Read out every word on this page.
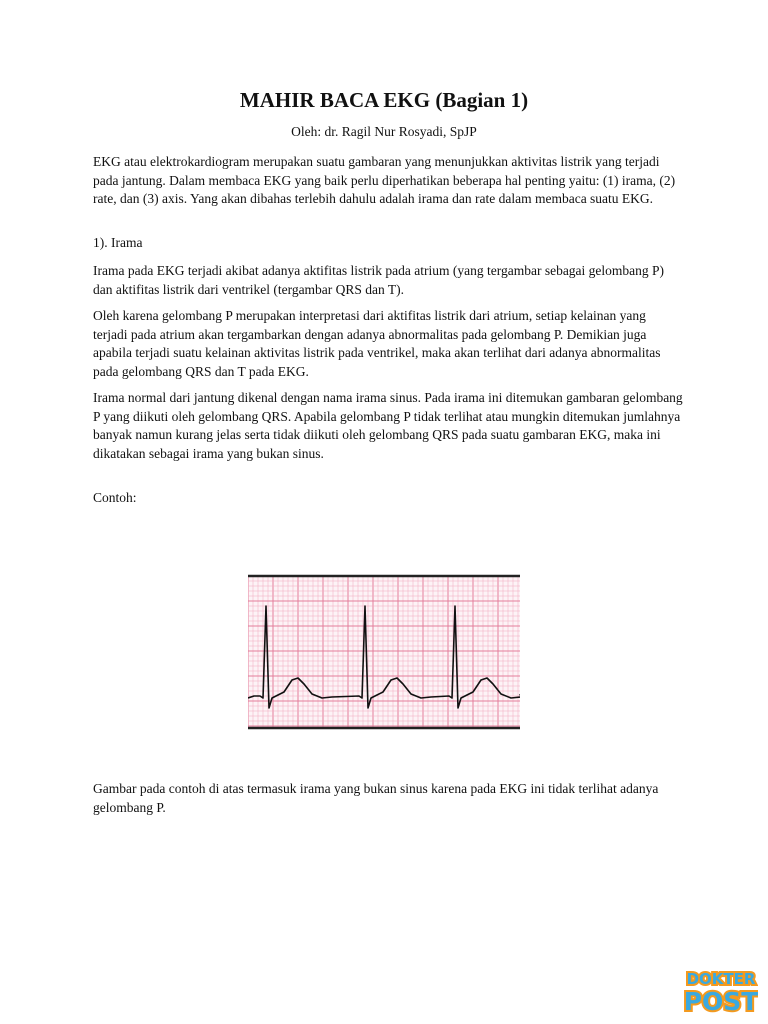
MAHIR BACA EKG (Bagian 1)
Oleh: dr. Ragil Nur Rosyadi, SpJP

EKG atau elektrokardiogram merupakan suatu gambaran yang menunjukkan aktivitas listrik yang terjadi pada jantung. Dalam membaca EKG yang baik perlu diperhatikan beberapa hal penting yaitu: (1) irama, (2) rate, dan (3) axis. Yang akan dibahas terlebih dahulu adalah irama dan rate dalam membaca suatu EKG.

1). Irama

Irama pada EKG terjadi akibat adanya aktifitas listrik pada atrium (yang tergambar sebagai gelombang P) dan aktifitas listrik dari ventrikel (tergambar QRS dan T).

Oleh karena gelombang P merupakan interpretasi dari aktifitas listrik dari atrium, setiap kelainan yang terjadi pada atrium akan tergambarkan dengan adanya abnormalitas pada gelombang P. Demikian juga apabila terjadi suatu kelainan aktivitas listrik pada ventrikel, maka akan terlihat dari adanya abnormalitas pada gelombang QRS dan T pada EKG.

Irama normal dari jantung dikenal dengan nama irama sinus. Pada irama ini ditemukan gambaran gelombang P yang diikuti oleh gelombang QRS. Apabila gelombang P tidak terlihat atau mungkin ditemukan jumlahnya banyak namun kurang jelas serta tidak diikuti oleh gelombang QRS pada suatu gambaran EKG, maka ini dikatakan sebagai irama yang bukan sinus.

Contoh:

Gambar pada contoh di atas termasuk irama yang bukan sinus karena pada EKG ini tidak terlihat adanya gelombang P.

DOKTER
POST
